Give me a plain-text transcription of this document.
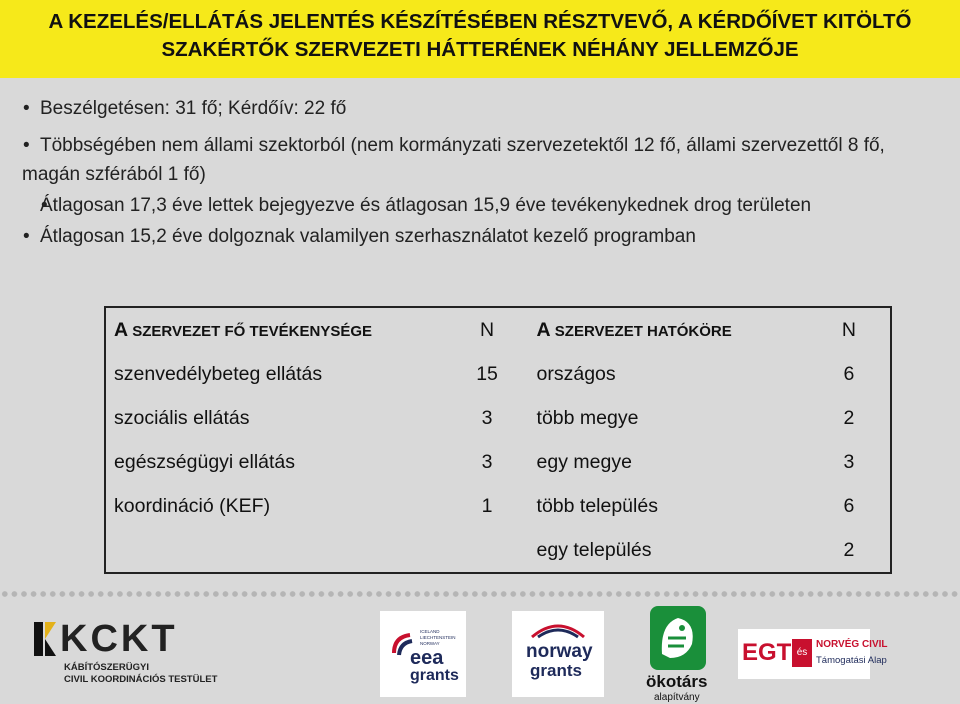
A KEZELÉS/ELLÁTÁS JELENTÉS KÉSZÍTÉSÉBEN RÉSZTVEVŐ, A KÉRDŐÍVET KITÖLTŐ
SZAKÉRTŐK SZERVEZETI HÁTTERÉNEK NÉHÁNY JELLEMZŐJE
• Beszélgetésen: 31 fő; Kérdőív: 22 fő
• Többségében nem állami szektorból (nem kormányzati szervezetektől 12 fő, állami szervezettől 8 fő, magán szférából 1 fő)
• Átlagosan 17,3 éve lettek bejegyezve és átlagosan 15,9 éve tevékenykednek drog területen
• Átlagosan 15,2 éve dolgoznak valamilyen szerhasználatot kezelő programban
A SZERVEZET FŐ TEVÉKENYSÉGE	N	A SZERVEZET HATÓKÖRE	N
szenvedélybeteg ellátás	15	országos	6
szociális ellátás	3	több megye	2
egészségügyi ellátás	3	egy megye	3
koordináció (KEF)	1	több település	6
		egy település	2
KCKT
KÁBÍTÓSZERÜGYI
CIVIL KOORDINÁCIÓS TESTÜLET
ICELAND
LIECHTENSTEIN
NORWAY
eea
grants
norway
grants
ökotárs
alapítvány
EGT és
NORVÉG CIVIL
Támogatási Alap
